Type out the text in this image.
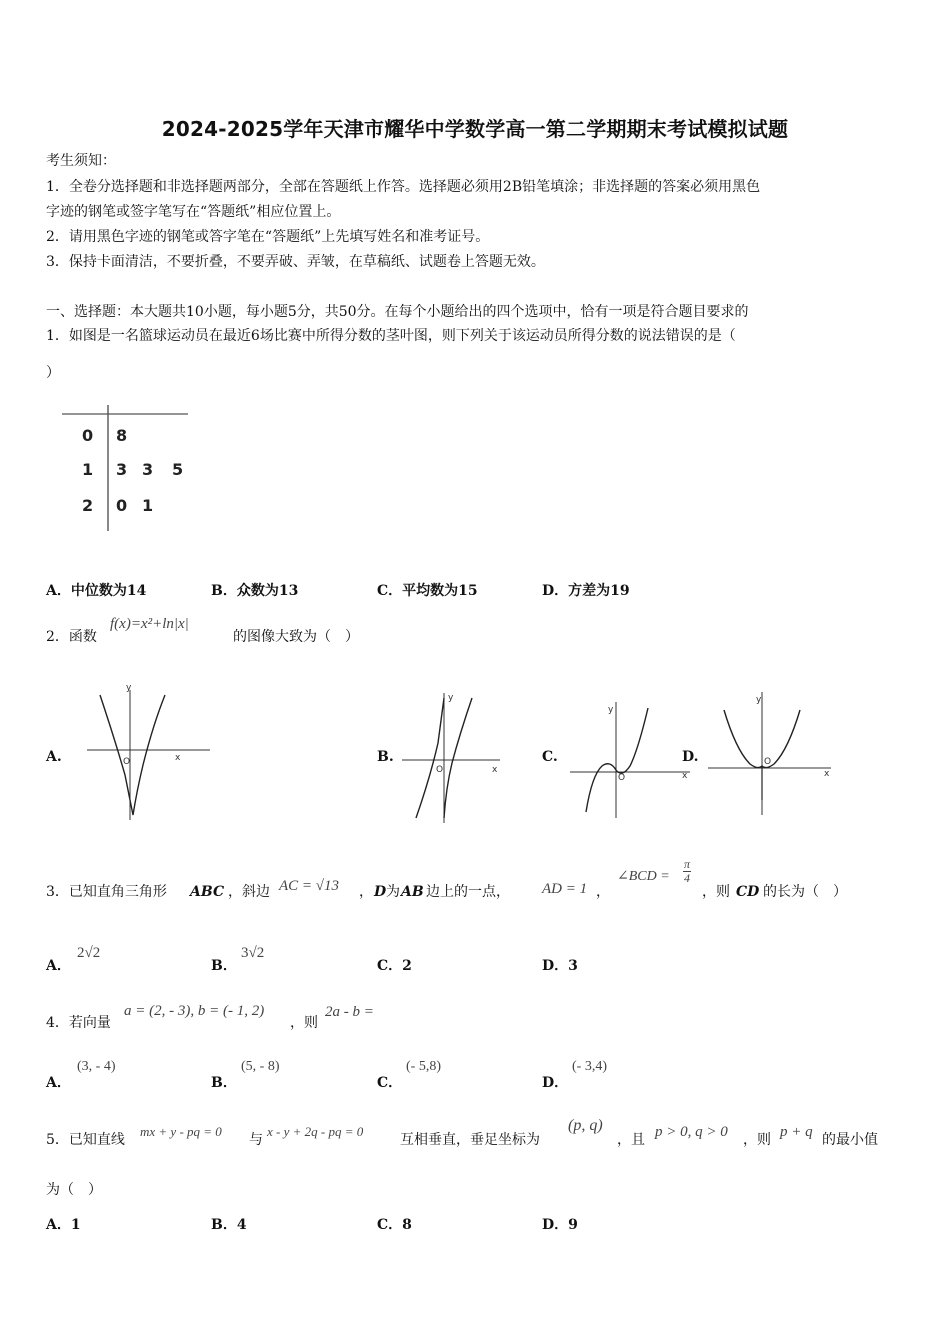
2024-2025学年天津市耀华中学数学高一第二学期期末考试模拟试题
考生须知：
1．全卷分选择题和非选择题两部分，全部在答题纸上作答。选择题必须用2B铅笔填涂；非选择题的答案必须用黑色
字迹的钢笔或签字笔写在“答题纸”相应位置上。
2．请用黑色字迹的钢笔或答字笔在“答题纸”上先填写姓名和准考证号。
3．保持卡面清洁，不要折叠，不要弄破、弄皱，在草稿纸、试题卷上答题无效。
一、选择题：本大题共10小题，每小题5分，共50分。在每个小题给出的四个选项中，恰有一项是符合题目要求的
1．如图是一名篮球运动员在最近6场比赛中所得分数的茎叶图，则下列关于该运动员所得分数的说法错误的是（
）
0 8
1 3 3 5
2 0 1
A．中位数为14	B．众数为13	C．平均数为15	D．方差为19
2．函数
f(x)=x²+ln|x|
的图像大致为（　）
A.
y
x
O	B.
y
x
O
C.
y
x
O
D.
y
x
O
3．已知直角三角形 ABC ，斜边 AC = √13 ， D 为 AB 边上的一点， AD = 1 ，
∠BCD = $\frac{\pi}{4}$
，则 CD 的长为（　）
A．
2√2
B．
3√2
C．2	D．3
4．若向量
a = (2, - 3), b = (- 1, 2)
，则
2a - b =
A．
(3, - 4)
B．
(5, - 8)
C．
(- 5,8)
D．
(- 3,4)
5．已知直线
mx + y - pq = 0
与
x - y + 2q - pq = 0
互相垂直，垂足坐标为
(p, q)
，且 p > 0, q > 0 ，则 p + q 的最小值
为（　）
A．1	B．4	C．8	D．9
